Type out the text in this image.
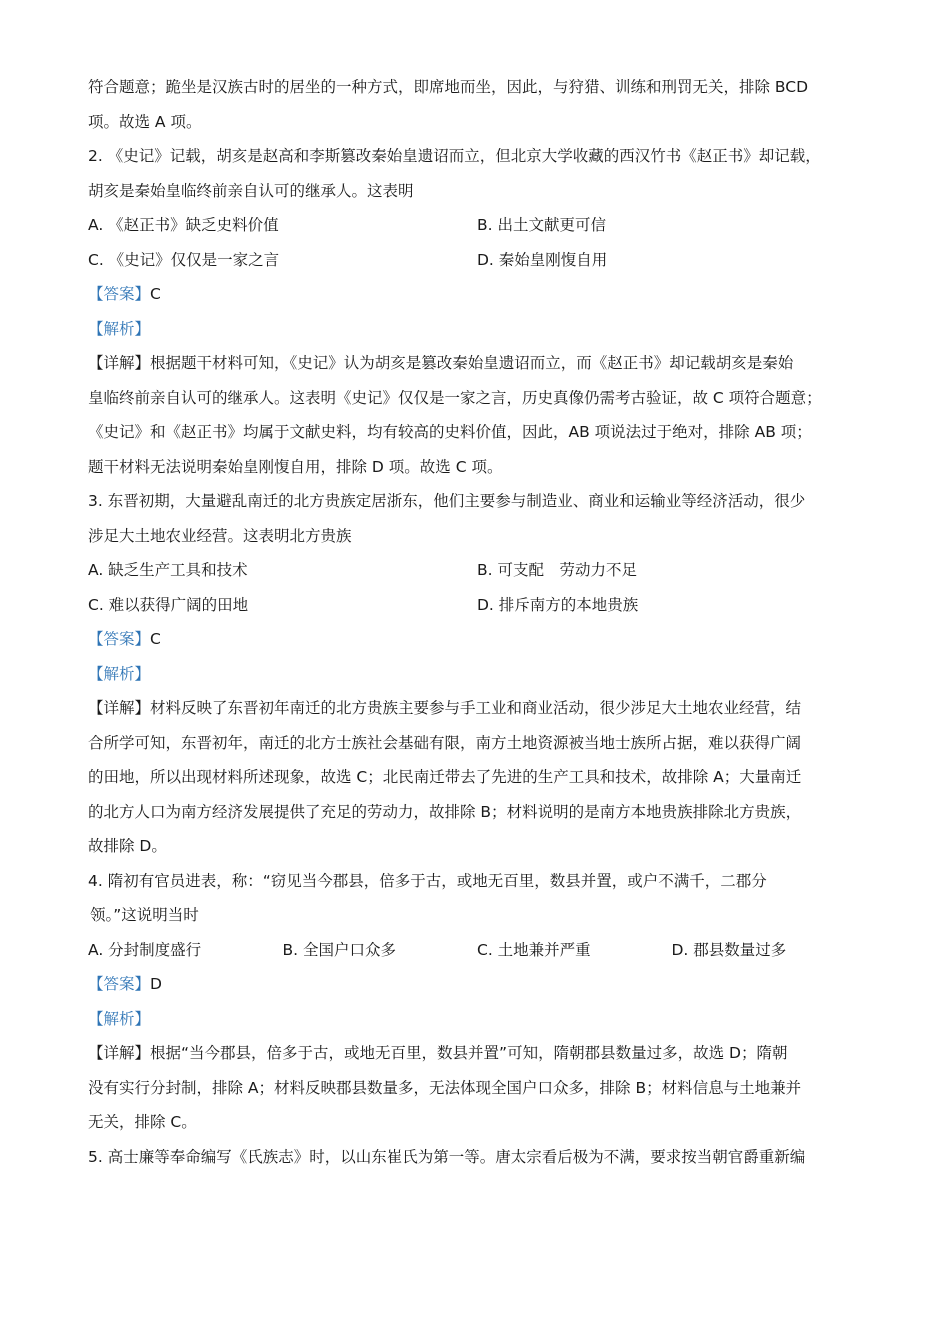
符合题意；跪坐是汉族古时的居坐的一种方式，即席地而坐，因此，与狩猎、训练和刑罚无关，排除 BCD
项。故选 A 项。
2. 《史记》记载，胡亥是赵高和李斯篡改秦始皇遗诏而立，但北京大学收藏的西汉竹书《赵正书》却记载，
胡亥是秦始皇临终前亲自认可的继承人。这表明
A. 《赵正书》缺乏史料价值	B. 出土文献更可信
C. 《史记》仅仅是一家之言	D. 秦始皇刚愎自用
【答案】C
【解析】
【详解】根据题干材料可知，《史记》认为胡亥是篡改秦始皇遗诏而立，而《赵正书》却记载胡亥是秦始
皇临终前亲自认可的继承人。这表明《史记》仅仅是一家之言，历史真像仍需考古验证，故 C 项符合题意；
《史记》和《赵正书》均属于文献史料，均有较高的史料价值，因此，AB 项说法过于绝对，排除 AB 项；
题干材料无法说明秦始皇刚愎自用，排除 D 项。故选 C 项。
3. 东晋初期，大量避乱南迁的北方贵族定居浙东，他们主要参与制造业、商业和运输业等经济活动，很少
涉足大土地农业经营。这表明北方贵族
A. 缺乏生产工具和技术	B. 可支配　劳动力不足
C. 难以获得广阔的田地	D. 排斥南方的本地贵族
【答案】C
【解析】
【详解】材料反映了东晋初年南迁的北方贵族主要参与手工业和商业活动，很少涉足大土地农业经营，结
合所学可知，东晋初年，南迁的北方士族社会基础有限，南方土地资源被当地士族所占据，难以获得广阔
的田地，所以出现材料所述现象，故选 C；北民南迁带去了先进的生产工具和技术，故排除 A；大量南迁
的北方人口为南方经济发展提供了充足的劳动力，故排除 B；材料说明的是南方本地贵族排除北方贵族，
故排除 D。
4. 隋初有官员进表，称：“窃见当今郡县，倍多于古，或地无百里，数县并置，或户不满千，二郡分
领。”这说明当时
A. 分封制度盛行	B. 全国户口众多	C. 土地兼并严重	D. 郡县数量过多
【答案】D
【解析】
【详解】根据“当今郡县，倍多于古，或地无百里，数县并置”可知，隋朝郡县数量过多，故选 D；隋朝
没有实行分封制，排除 A；材料反映郡县数量多，无法体现全国户口众多，排除 B；材料信息与土地兼并
无关，排除 C。
5. 高士廉等奉命编写《氏族志》时，以山东崔氏为第一等。唐太宗看后极为不满，要求按当朝官爵重新编
